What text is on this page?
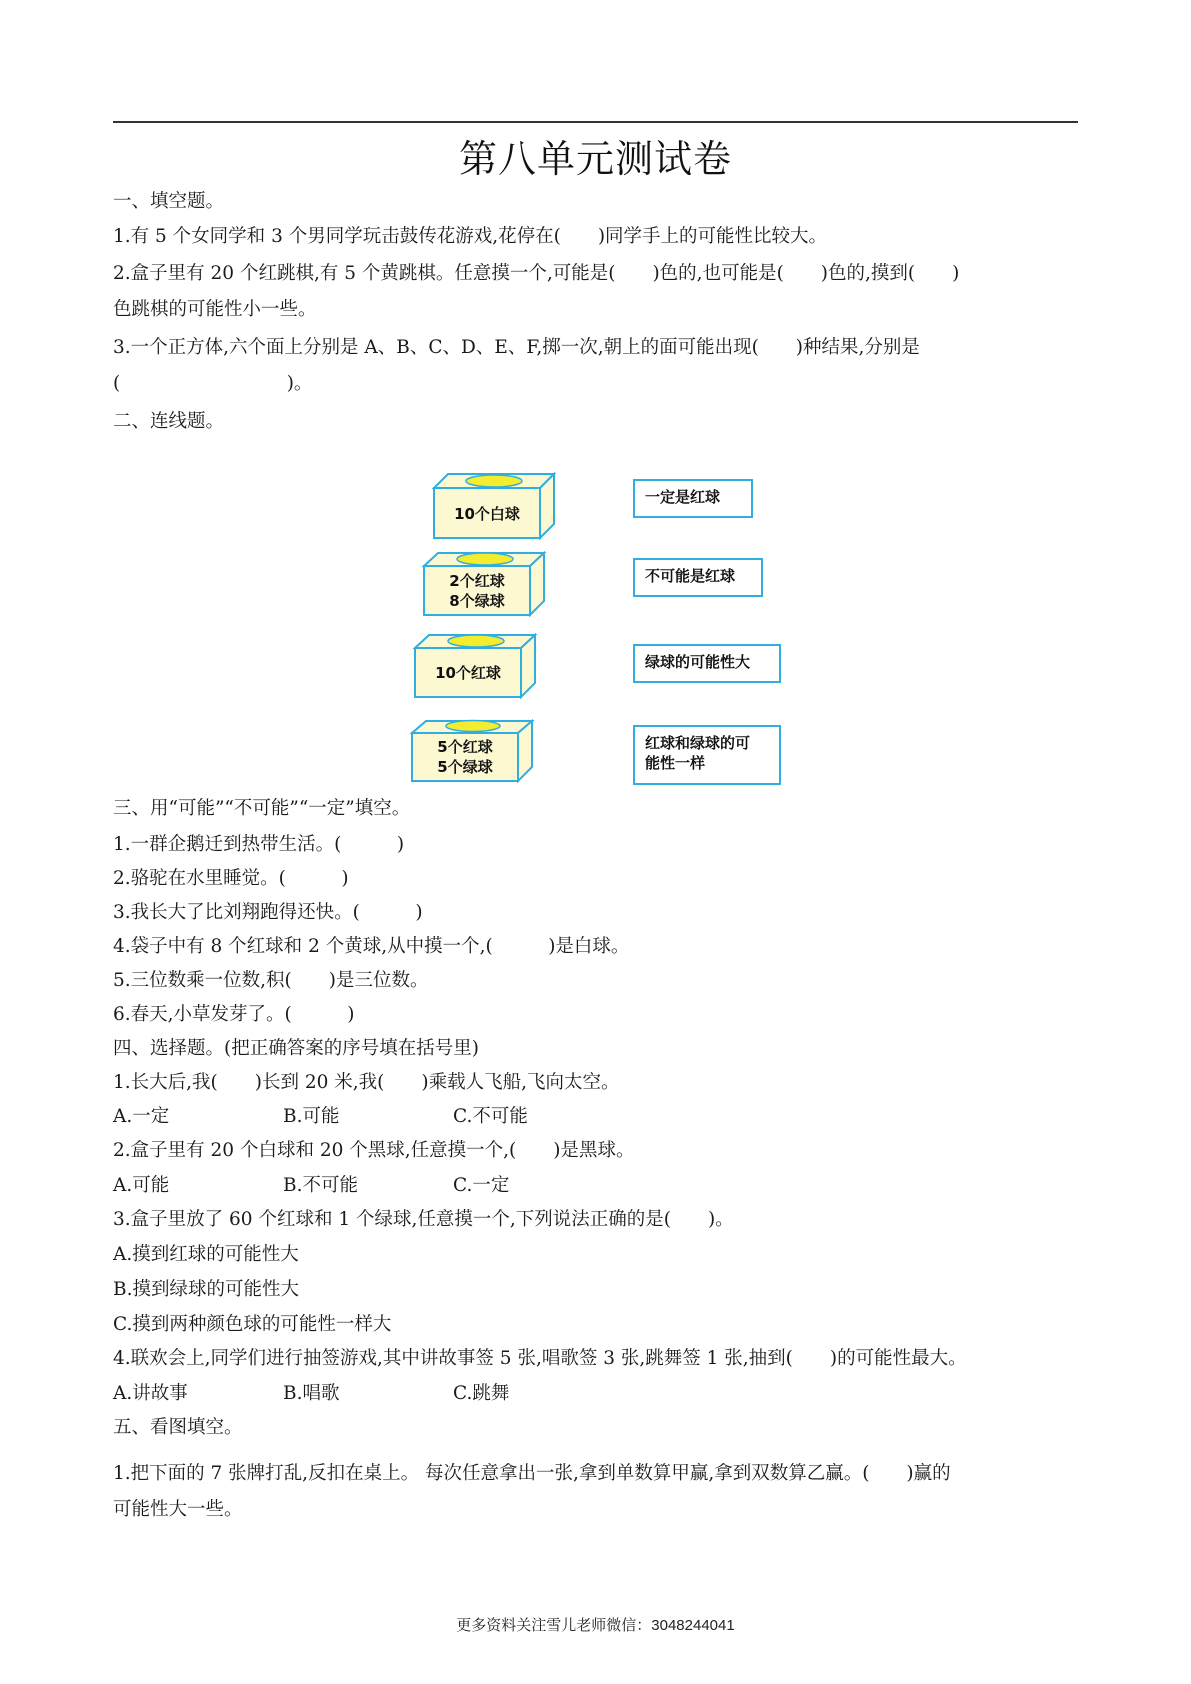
第八单元测试卷
一、填空题。
1.有 5 个女同学和 3 个男同学玩击鼓传花游戏,花停在(　　)同学手上的可能性比较大。
2.盒子里有 20 个红跳棋,有 5 个黄跳棋。任意摸一个,可能是(　　)色的,也可能是(　　)色的,摸到(　　)
色跳棋的可能性小一些。
3.一个正方体,六个面上分别是 A、B、C、D、E、F,掷一次,朝上的面可能出现(　　)种结果,分别是
(　　　　　　　　　)。
二、连线题。
10个白球
2个红球
8个绿球
10个红球
5个红球
5个绿球
一定是红球
不可能是红球
绿球的可能性大
红球和绿球的可
能性一样
三、用“可能”“不可能”“一定”填空。
1.一群企鹅迁到热带生活。(　　　)
2.骆驼在水里睡觉。(　　　)
3.我长大了比刘翔跑得还快。(　　　)
4.袋子中有 8 个红球和 2 个黄球,从中摸一个,(　　　)是白球。
5.三位数乘一位数,积(　　)是三位数。
6.春天,小草发芽了。(　　　)
四、选择题。(把正确答案的序号填在括号里)
1.长大后,我(　　)长到 20 米,我(　　)乘载人飞船,飞向太空。
A.一定	B.可能	C.不可能
2.盒子里有 20 个白球和 20 个黑球,任意摸一个,(　　)是黑球。
A.可能	B.不可能	C.一定
3.盒子里放了 60 个红球和 1 个绿球,任意摸一个,下列说法正确的是(　　)。
A.摸到红球的可能性大
B.摸到绿球的可能性大
C.摸到两种颜色球的可能性一样大
4.联欢会上,同学们进行抽签游戏,其中讲故事签 5 张,唱歌签 3 张,跳舞签 1 张,抽到(　　)的可能性最大。
A.讲故事	B.唱歌	C.跳舞
五、看图填空。
1.把下面的 7 张牌打乱,反扣在桌上。 每次任意拿出一张,拿到单数算甲赢,拿到双数算乙赢。(　　)赢的
可能性大一些。
更多资料关注雪儿老师微信：3048244041
